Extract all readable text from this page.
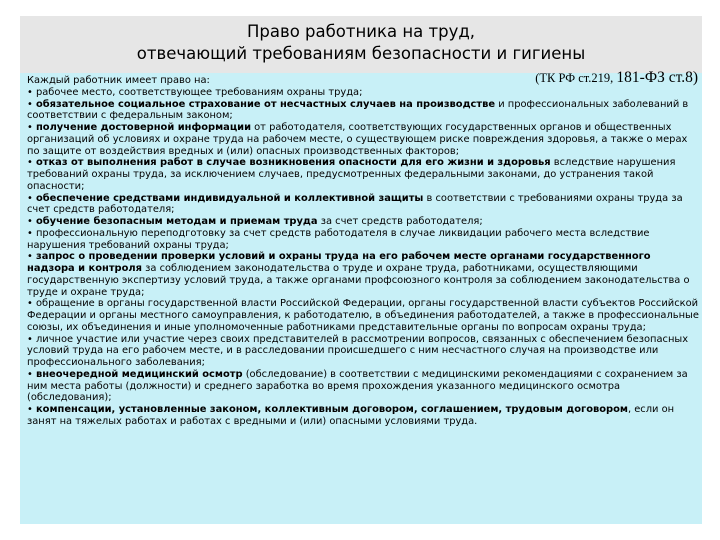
Право работника на труд,
отвечающий требованиям безопасности и гигиены
(ТК РФ ст.219, 181-ФЗ ст.8)
Каждый работник имеет право на:
• рабочее место, соответствующее требованиям охраны труда;
• обязательное социальное страхование от несчастных случаев на производстве и профессиональных заболеваний в соответствии с федеральным законом;
• получение достоверной информации от работодателя, соответствующих государственных органов и общественных организаций об условиях и охране труда на рабочем месте, о существующем риске повреждения здоровья, а также о мерах по защите от воздействия вредных и (или) опасных производственных факторов;
• отказ от выполнения работ в случае возникновения опасности для его жизни и здоровья вследствие нарушения требований охраны труда, за исключением случаев, предусмотренных федеральными законами, до устранения такой опасности;
• обеспечение средствами индивидуальной и коллективной защиты в соответствии с требованиями охраны труда за счет средств работодателя;
• обучение безопасным методам и приемам труда за счет средств работодателя;
• профессиональную переподготовку за счет средств работодателя в случае ликвидации рабочего места вследствие нарушения требований охраны труда;
• запрос о проведении проверки условий и охраны труда на его рабочем месте органами государственного надзора и контроля за соблюдением законодательства о труде и охране труда, работниками, осуществляющими государственную экспертизу условий труда, а также органами профсоюзного контроля за соблюдением законодательства о труде и охране труда;
• обращение в органы государственной власти Российской Федерации, органы государственной власти субъектов Российской Федерации и органы местного самоуправления, к работодателю, в объединения работодателей, а также в профессиональные союзы, их объединения и иные уполномоченные работниками представительные органы по вопросам охраны труда;
• личное участие или участие через своих представителей в рассмотрении вопросов, связанных с обеспечением безопасных условий труда на его рабочем месте, и в расследовании происшедшего с ним несчастного случая на производстве или профессионального заболевания;
• внеочередной медицинский осмотр (обследование) в соответствии с медицинскими рекомендациями с сохранением за ним места работы (должности) и среднего заработка во время прохождения указанного медицинского осмотра (обследования);
• компенсации, установленные законом, коллективным договором, соглашением, трудовым договором, если он занят на тяжелых работах и работах с вредными и (или) опасными условиями труда.
